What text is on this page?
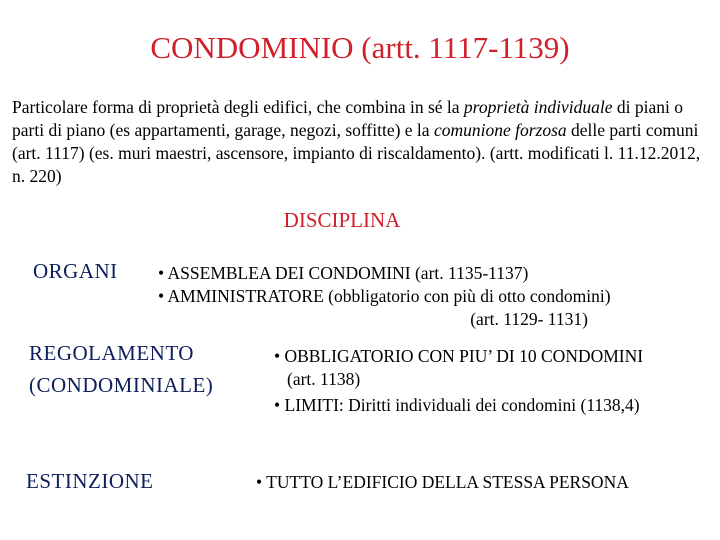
CONDOMINIO (artt. 1117-1139)
Particolare forma di proprietà degli edifici, che combina in sé la proprietà individuale di piani o parti di piano (es appartamenti, garage, negozi, soffitte) e la comunione forzosa delle parti comuni (art. 1117) (es. muri maestri, ascensore, impianto di riscaldamento). (artt. modificati l. 11.12.2012, n. 220)
DISCIPLINA
ORGANI • ASSEMBLEA DEI CONDOMINI (art. 1135-1137)
• AMMINISTRATORE (obbligatorio con più di otto condomini)
(art. 1129- 1131)
REGOLAMENTO
(CONDOMINIALE)
• OBBLIGATORIO CON PIU’ DI 10 CONDOMINI
(art. 1138)
• LIMITI: Diritti individuali dei condomini (1138,4)
ESTINZIONE	• TUTTO L’EDIFICIO DELLA STESSA PERSONA
